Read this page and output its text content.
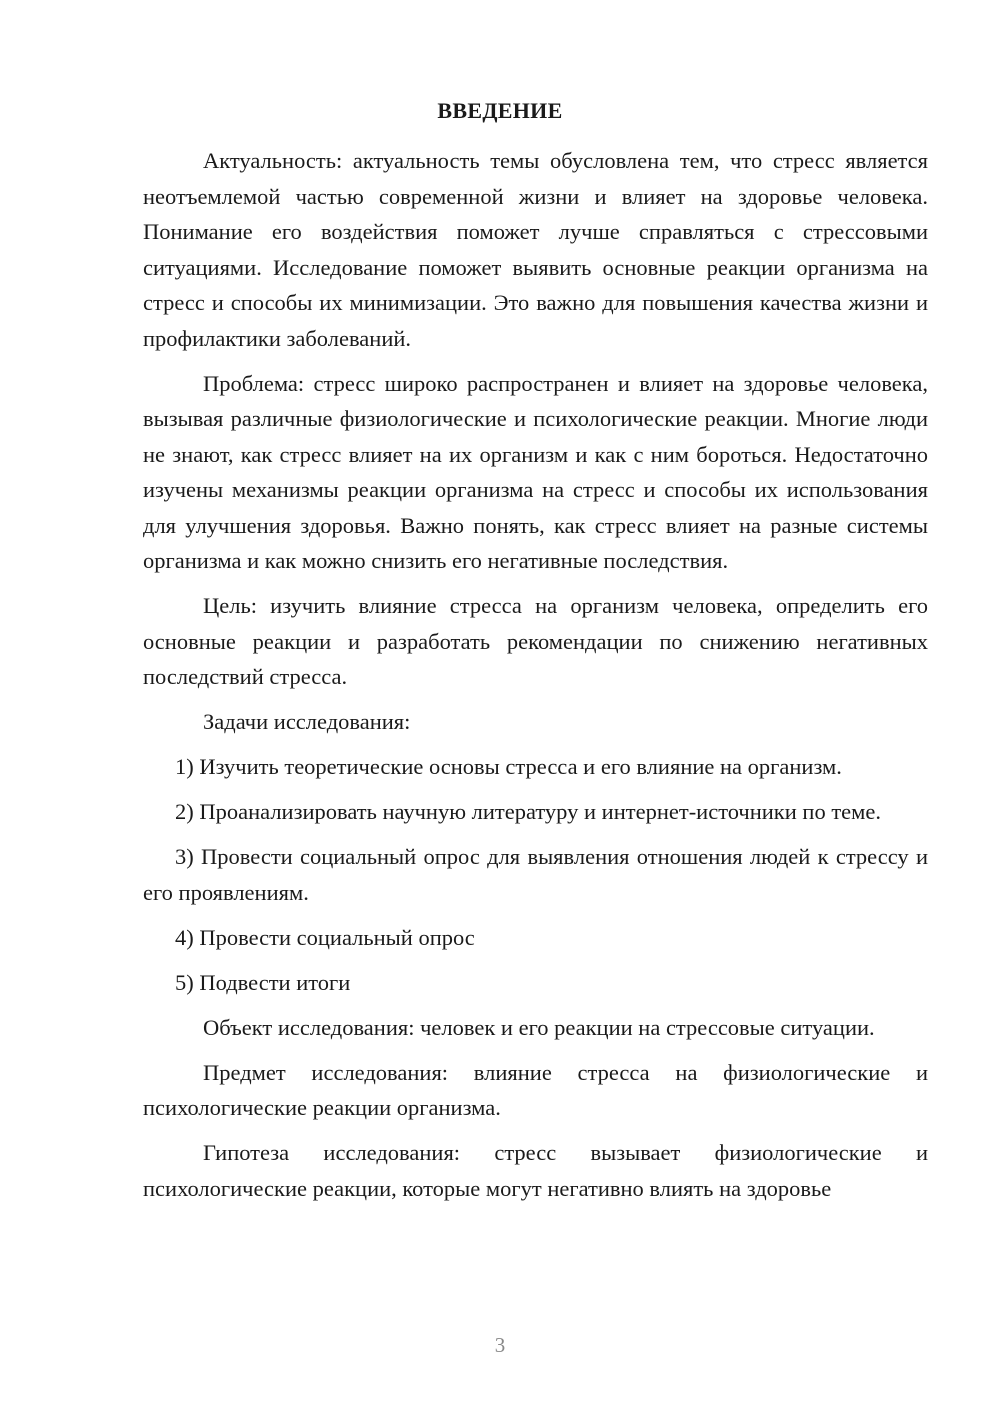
ВВЕДЕНИЕ

Актуальность: актуальность темы обусловлена тем, что стресс является неотъемлемой частью современной жизни и влияет на здоровье человека. Понимание его воздействия поможет лучше справляться с стрессовыми ситуациями. Исследование поможет выявить основные реакции организма на стресс и способы их минимизации. Это важно для повышения качества жизни и профилактики заболеваний.

Проблема: стресс широко распространен и влияет на здоровье человека, вызывая различные физиологические и психологические реакции. Многие люди не знают, как стресс влияет на их организм и как с ним бороться. Недостаточно изучены механизмы реакции организма на стресс и способы их использования для улучшения здоровья. Важно понять, как стресс влияет на разные системы организма и как можно снизить его негативные последствия.

Цель: изучить влияние стресса на организм человека, определить его основные реакции и разработать рекомендации по снижению негативных последствий стресса.

Задачи исследования:

1) Изучить теоретические основы стресса и его влияние на организм.

2) Проанализировать научную литературу и интернет-источники по теме.

3) Провести социальный опрос для выявления отношения людей к стрессу и его проявлениям.

4) Провести социальный опрос

5) Подвести итоги

Объект исследования: человек и его реакции на стрессовые ситуации.

Предмет исследования: влияние стресса на физиологические и психологические реакции организма.

Гипотеза исследования: стресс вызывает физиологические и психологические реакции, которые могут негативно влиять на здоровье

3
